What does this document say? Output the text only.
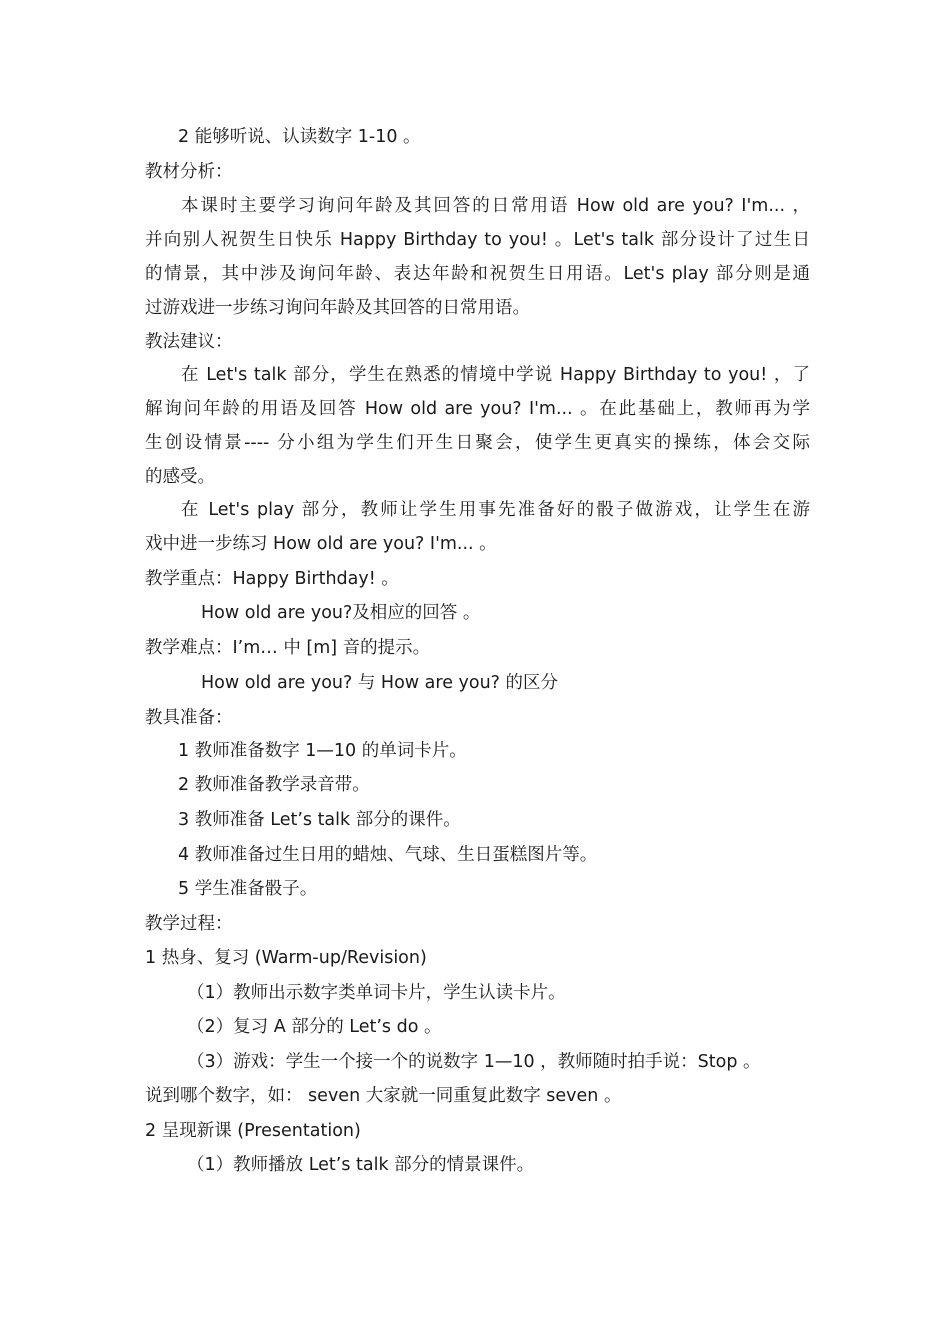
2 能够听说、认读数字 1-10 。
教材分析：
本课时主要学习询问年龄及其回答的日常用语 How old are you? I'm... ，
并向别人祝贺生日快乐 Happy Birthday to you! 。Let's talk 部分设计了过生日
的情景，其中涉及询问年龄、表达年龄和祝贺生日用语。Let's play 部分则是通
过游戏进一步练习询问年龄及其回答的日常用语。
教法建议：
在 Let's talk 部分，学生在熟悉的情境中学说 Happy Birthday to you! ，了
解询问年龄的用语及回答 How old are you? I'm... 。在此基础上，教师再为学
生创设情景---- 分小组为学生们开生日聚会，使学生更真实的操练，体会交际
的感受。
在 Let's play 部分，教师让学生用事先准备好的骰子做游戏，让学生在游
戏中进一步练习 How old are you? I'm... 。
教学重点：Happy Birthday! 。
How old are you?及相应的回答 。
教学难点：I’m… 中 [m] 音的提示。
How old are you? 与 How are you? 的区分
教具准备：
1 教师准备数字 1—10 的单词卡片。
2 教师准备教学录音带。
3 教师准备 Let’s talk 部分的课件。
4 教师准备过生日用的蜡烛、气球、生日蛋糕图片等。
5 学生准备骰子。
教学过程：
1 热身、复习 (Warm-up/Revision)
（1）教师出示数字类单词卡片，学生认读卡片。
（2）复习 A 部分的 Let’s do 。
（3）游戏：学生一个接一个的说数字 1—10 ，教师随时拍手说：Stop 。
说到哪个数字，如： seven 大家就一同重复此数字 seven 。
2 呈现新课 (Presentation)
（1）教师播放 Let’s talk 部分的情景课件。
